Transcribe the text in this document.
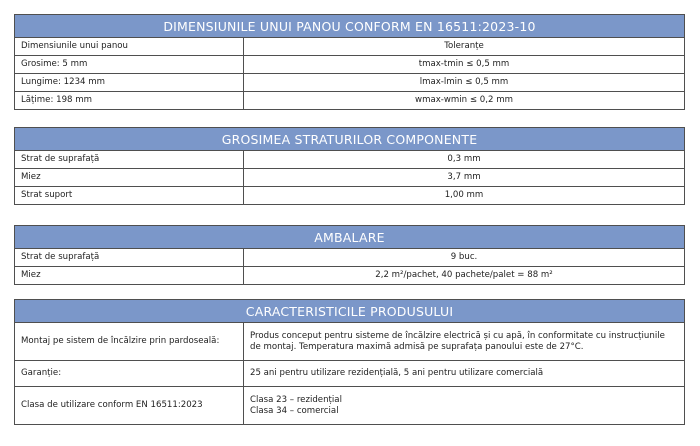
DIMENSIUNILE UNUI PANOU CONFORM EN 16511:2023-10	
Dimensiunile unui panou	Toleranțe
Grosime: 5 mm	tmax-tmin ≤ 0,5 mm
Lungime: 1234 mm	lmax-lmin ≤ 0,5 mm
Lățime: 198 mm	wmax-wmin ≤ 0,2 mm
GROSIMEA STRATURILOR COMPONENTE	
Strat de suprafață	0,3 mm
Miez	3,7 mm
Strat suport	1,00 mm
AMBALARE	
Strat de suprafață	9 buc.
Miez	2,2 m²/pachet, 40 pachete/palet = 88 m²
CARACTERISTICILE PRODUSULUI	
Montaj pe sistem de încălzire prin pardoseală:	Produs conceput pentru sisteme de încălzire electrică și cu apă, în conformitate cu instrucțiunile de montaj. Temperatura maximă admisă pe suprafața panoului este de 27°C.
Garanție:	25 ani pentru utilizare rezidențială, 5 ani pentru utilizare comercială
Clasa de utilizare conform EN 16511:2023	Clasa 23 – rezidențial
Clasa 34 – comercial
